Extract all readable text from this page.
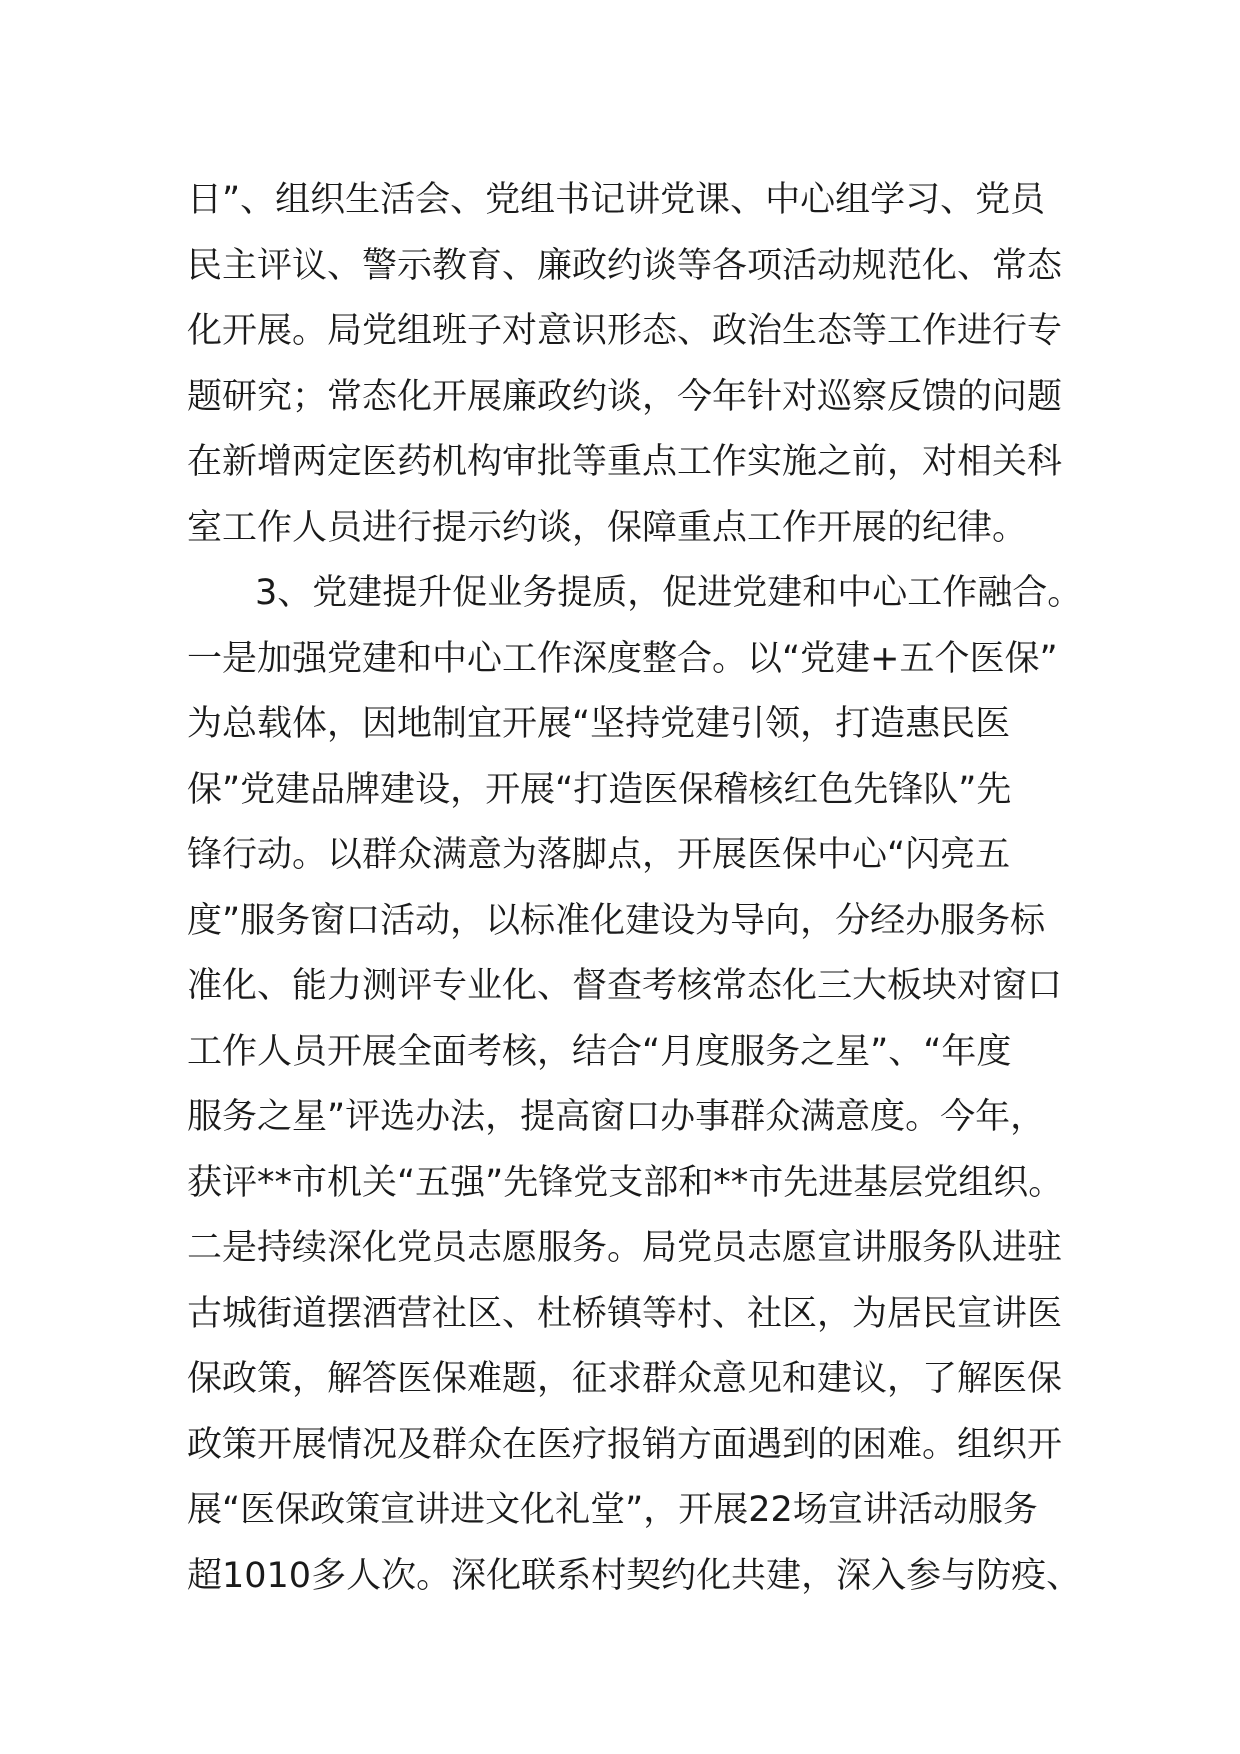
日”、组织生活会、党组书记讲党课、中心组学习、党员
民主评议、警示教育、廉政约谈等各项活动规范化、常态
化开展。局党组班子对意识形态、政治生态等工作进行专
题研究；常态化开展廉政约谈，今年针对巡察反馈的问题
在新增两定医药机构审批等重点工作实施之前，对相关科
室工作人员进行提示约谈，保障重点工作开展的纪律。
3、党建提升促业务提质，促进党建和中心工作融合。
一是加强党建和中心工作深度整合。以“党建+五个医保”
为总载体，因地制宜开展“坚持党建引领，打造惠民医
保”党建品牌建设，开展“打造医保稽核红色先锋队”先
锋行动。以群众满意为落脚点，开展医保中心“闪亮五
度”服务窗口活动，以标准化建设为导向，分经办服务标
准化、能力测评专业化、督查考核常态化三大板块对窗口
工作人员开展全面考核，结合“月度服务之星”、“年度
服务之星”评选办法，提高窗口办事群众满意度。今年，
获评**市机关“五强”先锋党支部和**市先进基层党组织。
二是持续深化党员志愿服务。局党员志愿宣讲服务队进驻
古城街道摆酒营社区、杜桥镇等村、社区，为居民宣讲医
保政策，解答医保难题，征求群众意见和建议，了解医保
政策开展情况及群众在医疗报销方面遇到的困难。组织开
展“医保政策宣讲进文化礼堂”，开展22场宣讲活动服务
超1010多人次。深化联系村契约化共建，深入参与防疫、
